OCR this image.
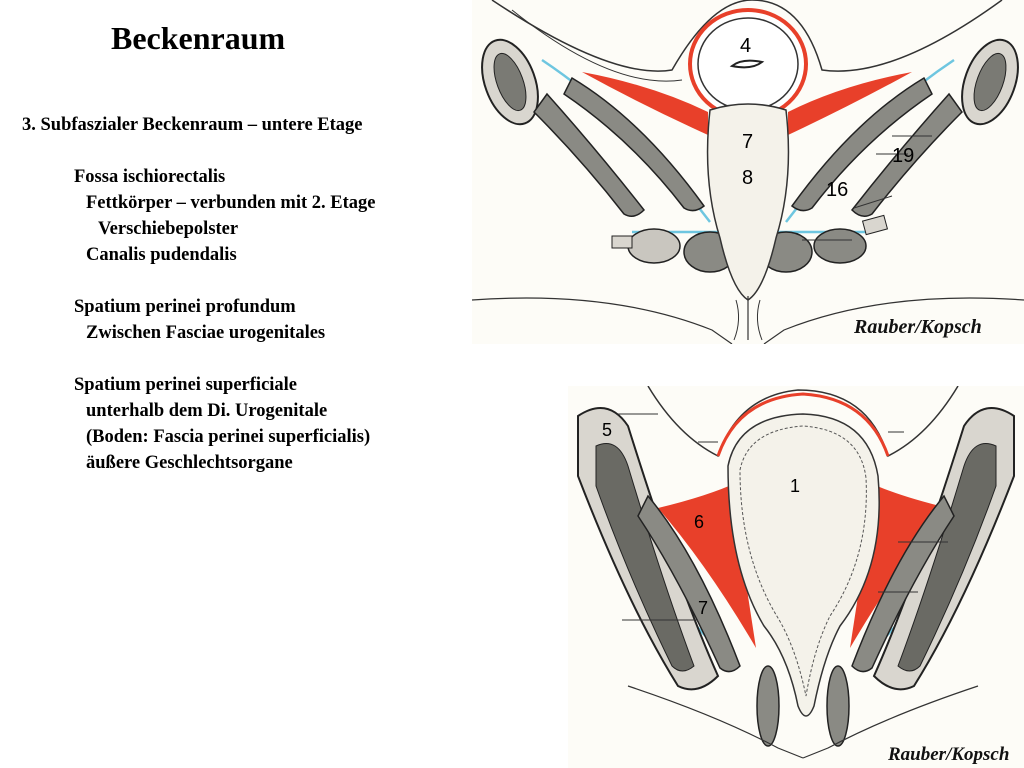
Beckenraum
3. Subfaszialer Beckenraum – untere Etage
Fossa ischiorectalis
Fettkörper – verbunden mit 2. Etage
Verschiebepolster
Canalis pudendalis
Spatium perinei profundum
Zwischen Fasciae urogenitales
Spatium perinei superficiale
unterhalb dem Di. Urogenitale
(Boden: Fascia perinei superficialis)
äußere Geschlechtsorgane
4
7
8
19
16
Rauber/Kopsch
5
1
6
7
Rauber/Kopsch
